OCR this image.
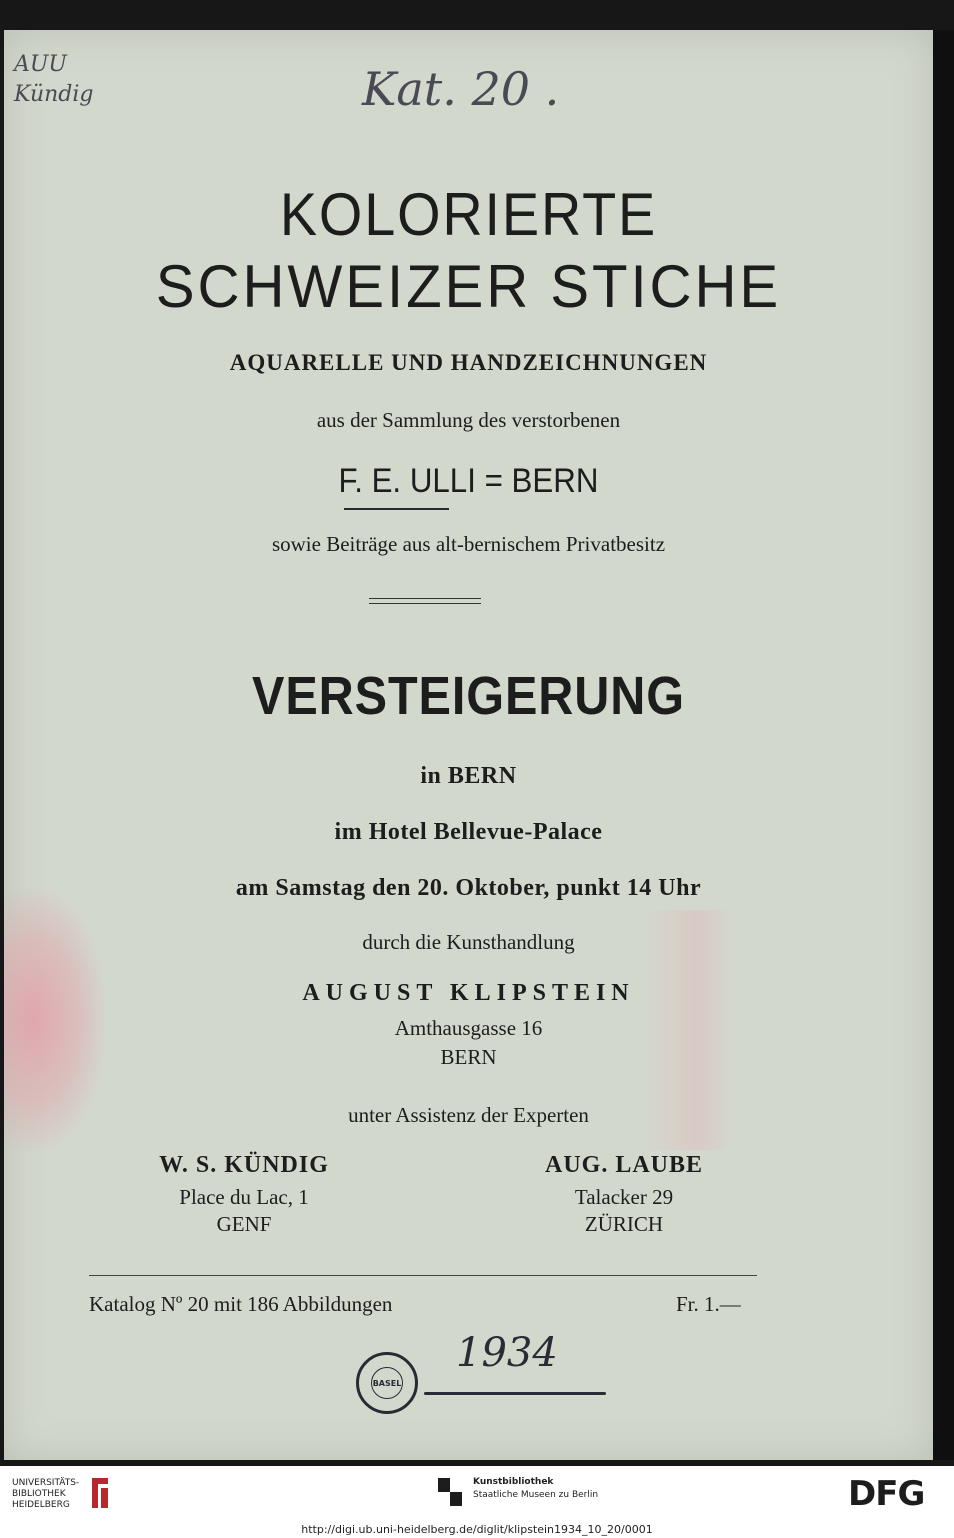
AUU
Kündig	Kat. 20 .
KOLORIERTE
SCHWEIZER STICHE
AQUARELLE UND HANDZEICHNUNGEN
aus der Sammlung des verstorbenen
F. E. ULLI = BERN
sowie Beiträge aus alt-bernischem Privatbesitz
VERSTEIGERUNG
in BERN
im Hotel Bellevue-Palace
am Samstag den 20. Oktober, punkt 14 Uhr
durch die Kunsthandlung
AUGUST KLIPSTEIN
Amthausgasse 16
BERN
unter Assistenz der Experten
W. S. KÜNDIG
Place du Lac, 1
GENF
AUG. LAUBE
Talacker 29
ZÜRICH
Katalog Nº 20 mit 186 Abbildungen	Fr. 1.—
BASEL
1934
UNIVERSITÄTS-
BIBLIOTHEK
HEIDELBERG
Kunstbibliothek
Staatliche Museen zu Berlin	DFG
http://digi.ub.uni-heidelberg.de/diglit/klipstein1934_10_20/0001
